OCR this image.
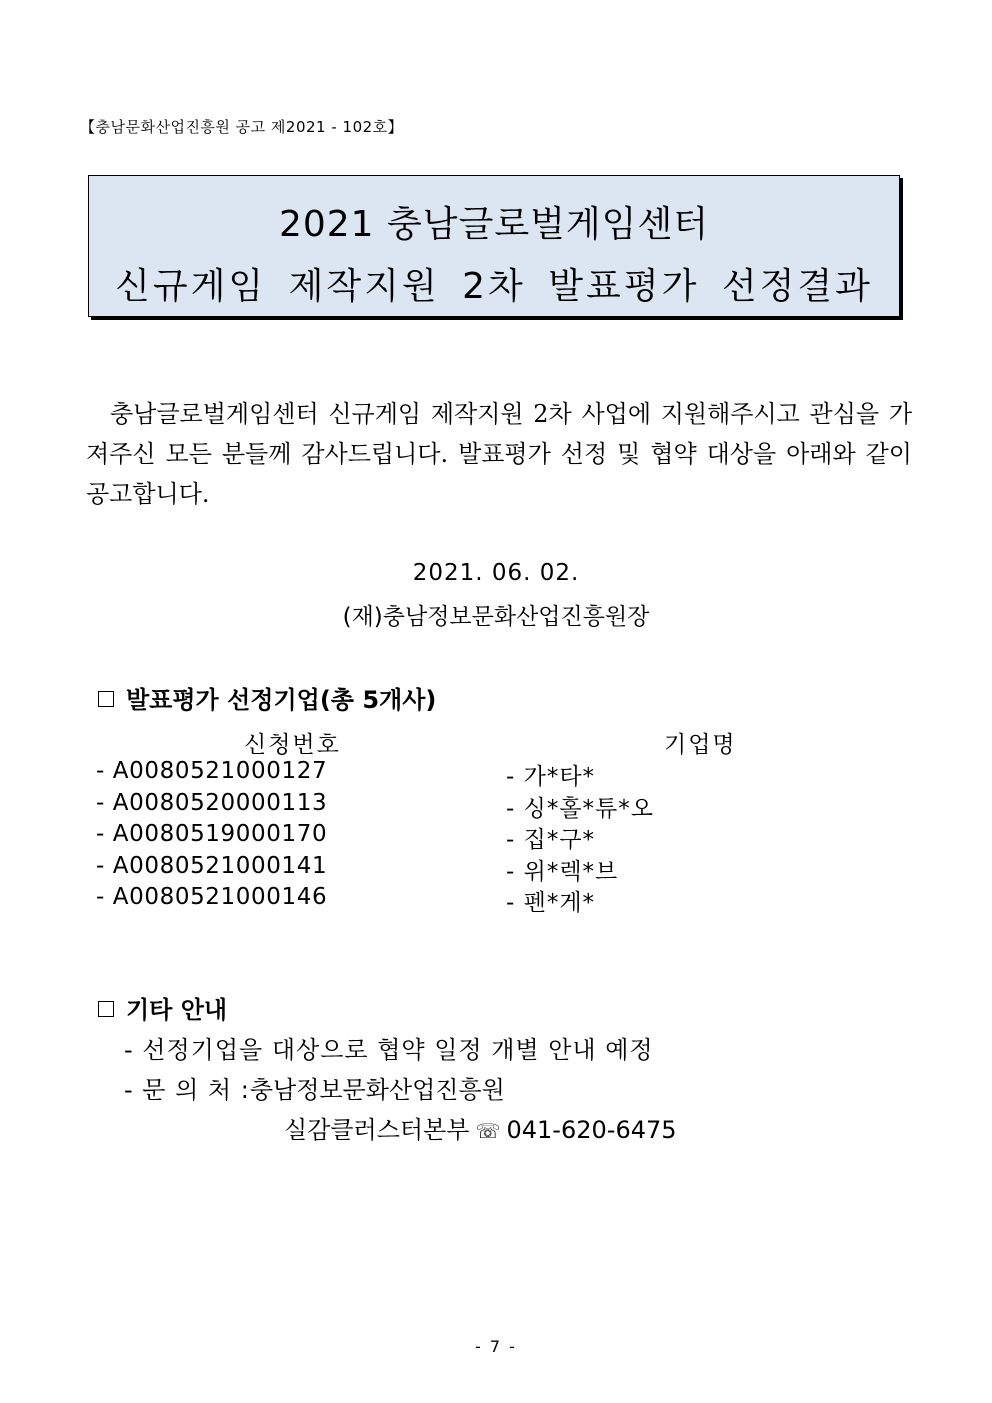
【충남문화산업진흥원 공고 제2021 - 102호】
2021 충남글로벌게임센터
신규게임 제작지원 2차 발표평가 선정결과
충남글로벌게임센터 신규게임 제작지원 2차 사업에 지원해주시고 관심을 가져주신 모든 분들께 감사드립니다. 발표평가 선정 및 협약 대상을 아래와 같이 공고합니다.
2021. 06. 02.
(재)충남정보문화산업진흥원장
발표평가 선정기업(총 5개사)
신청번호	기업명
- A0080521000127	- 가*타*
- A0080520000113	- 싱*홀*튜*오
- A0080519000170	- 집*구*
- A0080521000141	- 위*렉*브
- A0080521000146	- 펜*게*
기타 안내
- 선정기업을 대상으로 협약 일정 개별 안내 예정
- 문 의 처 :충남정보문화산업진흥원
실감클러스터본부 ☏ 041-620-6475
- 7 -
